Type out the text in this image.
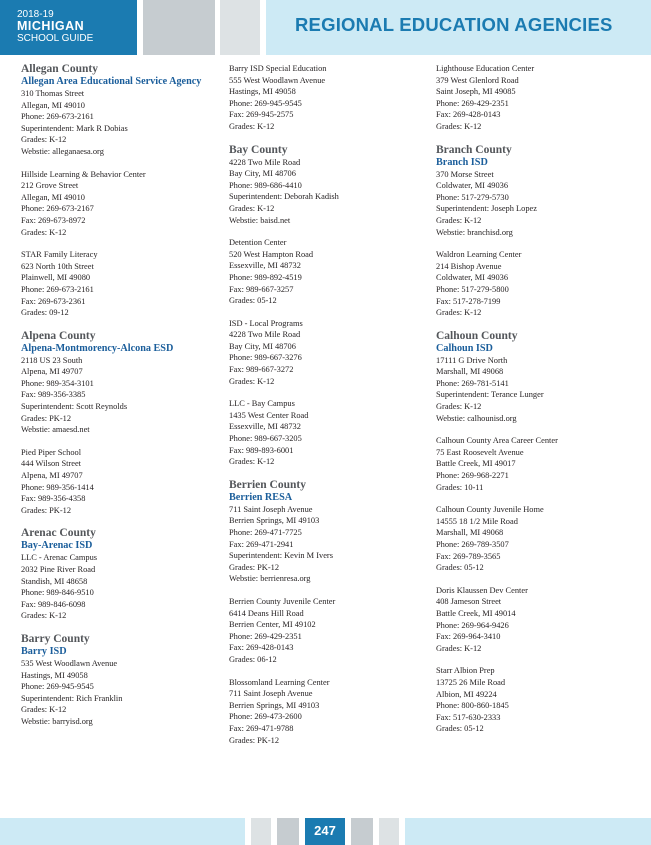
2018-19
MICHIGAN
SCHOOL GUIDE
REGIONAL EDUCATION AGENCIES
Allegan County
Allegan Area Educational Service Agency
310 Thomas Street
Allegan, MI 49010
Phone: 269-673-2161
Superintendent: Mark R Dobias
Grades: K-12
Webstie: alleganaesa.org
Hillside Learning & Behavior Center
212 Grove Street
Allegan, MI 49010
Phone: 269-673-2167
Fax: 269-673-8972
Grades: K-12
STAR Family Literacy
623 North 10th Street
Plainwell, MI 49080
Phone: 269-673-2161
Fax: 269-673-2361
Grades: 09-12
Alpena County
Alpena-Montmorency-Alcona ESD
2118 US 23 South
Alpena, MI 49707
Phone: 989-354-3101
Fax: 989-356-3385
Superintendent: Scott Reynolds
Grades: PK-12
Webstie: amaesd.net
Pied Piper School
444 Wilson Street
Alpena, MI 49707
Phone: 989-356-1414
Fax: 989-356-4358
Grades: PK-12
Arenac County
Bay-Arenac ISD
LLC - Arenac Campus
2032 Pine River Road
Standish, MI 48658
Phone: 989-846-9510
Fax: 989-846-6098
Grades: K-12
Barry County
Barry ISD
535 West Woodlawn Avenue
Hastings, MI 49058
Phone: 269-945-9545
Superintendent: Rich Franklin
Grades: K-12
Webstie: barryisd.org
Barry ISD Special Education
555 West Woodlawn Avenue
Hastings, MI 49058
Phone: 269-945-9545
Fax: 269-945-2575
Grades: K-12
Bay County
4228 Two Mile Road
Bay City, MI 48706
Phone: 989-686-4410
Superintendent: Deborah Kadish
Grades: K-12
Webstie: baisd.net
Detention Center
520 West Hampton Road
Essexville, MI 48732
Phone: 989-892-4519
Fax: 989-667-3257
Grades: 05-12
ISD - Local Programs
4228 Two Mile Road
Bay City, MI 48706
Phone: 989-667-3276
Fax: 989-667-3272
Grades: K-12
LLC - Bay Campus
1435 West Center Road
Essexville, MI 48732
Phone: 989-667-3205
Fax: 989-893-6001
Grades: K-12
Berrien County
Berrien RESA
711 Saint Joseph Avenue
Berrien Springs, MI 49103
Phone: 269-471-7725
Fax: 269-471-2941
Superintendent: Kevin M Ivers
Grades: PK-12
Webstie: berrienresa.org
Berrien County Juvenile Center
6414 Deans Hill Road
Berrien Center, MI 49102
Phone: 269-429-2351
Fax: 269-428-0143
Grades: 06-12
Blossomland Learning Center
711 Saint Joseph Avenue
Berrien Springs, MI 49103
Phone: 269-473-2600
Fax: 269-471-9788
Grades: PK-12
Lighthouse Education Center
379 West Glenlord Road
Saint Joseph, MI 49085
Phone: 269-429-2351
Fax: 269-428-0143
Grades: K-12
Branch County
Branch ISD
370 Morse Street
Coldwater, MI 49036
Phone: 517-279-5730
Superintendent: Joseph Lopez
Grades: K-12
Webstie: branchisd.org
Waldron Learning Center
214 Bishop Avenue
Coldwater, MI 49036
Phone: 517-279-5800
Fax: 517-278-7199
Grades: K-12
Calhoun County
Calhoun ISD
17111 G Drive North
Marshall, MI 49068
Phone: 269-781-5141
Superintendent: Terance Lunger
Grades: K-12
Webstie: calhounisd.org
Calhoun County Area Career Center
75 East Roosevelt Avenue
Battle Creek, MI 49017
Phone: 269-968-2271
Grades: 10-11
Calhoun County Juvenile Home
14555 18 1/2 Mile Road
Marshall, MI 49068
Phone: 269-789-3507
Fax: 269-789-3565
Grades: 05-12
Doris Klaussen Dev Center
408 Jameson Street
Battle Creek, MI 49014
Phone: 269-964-9426
Fax: 269-964-3410
Grades: K-12
Starr Albion Prep
13725 26 Mile Road
Albion, MI 49224
Phone: 800-860-1845
Fax: 517-630-2333
Grades: 05-12
247
